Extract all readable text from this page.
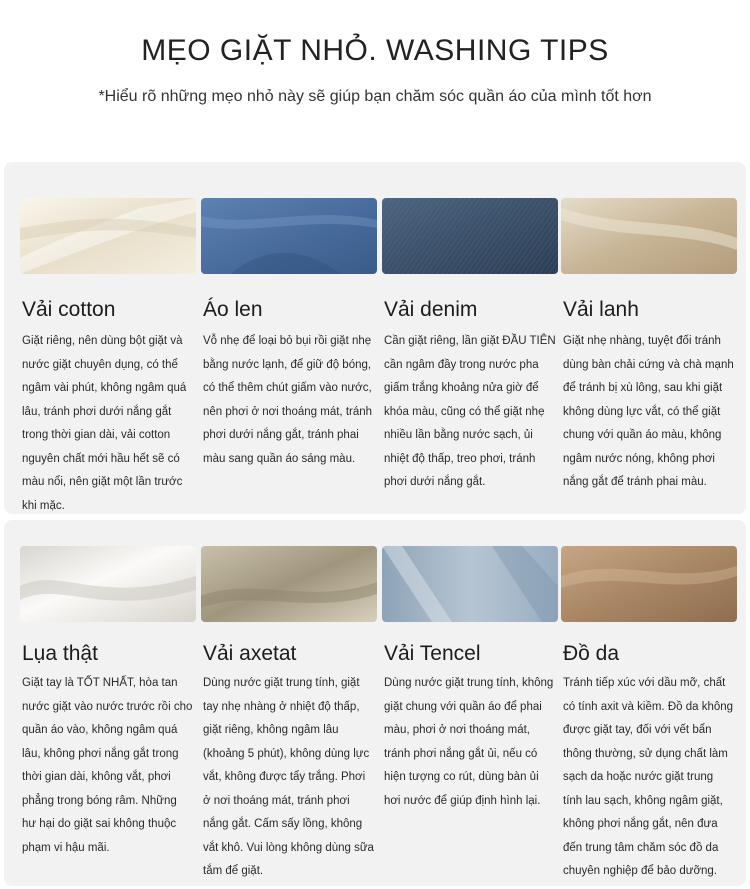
MẸO GIẶT NHỎ. WASHING TIPS
*Hiểu rõ những mẹo nhỏ này sẽ giúp bạn chăm sóc quần áo của mình tốt hơn
Vải cotton
Giặt riêng, nên dùng bột giặt và nước giặt chuyên dụng, có thể ngâm vài phút, không ngâm quá lâu, tránh phơi dưới nắng gắt trong thời gian dài, vải cotton nguyên chất mới hầu hết sẽ có màu nổi, nên giặt một lần trước khi mặc.
Áo len
Vỗ nhẹ để loại bỏ bụi rồi giặt nhẹ bằng nước lạnh, để giữ độ bóng, có thể thêm chút giấm vào nước, nên phơi ở nơi thoáng mát, tránh phơi dưới nắng gắt, tránh phai màu sang quần áo sáng màu.
Vải denim
Cần giặt riêng, lần giặt ĐẦU TIÊN cần ngâm đầy trong nước pha giấm trắng khoảng nửa giờ để khóa màu, cũng có thể giặt nhẹ nhiều lần bằng nước sạch, ủi nhiệt độ thấp, treo phơi, tránh phơi dưới nắng gắt.
Vải lanh
Giặt nhẹ nhàng, tuyệt đối tránh dùng bàn chải cứng và chà mạnh để tránh bị xù lông, sau khi giặt không dùng lực vắt, có thể giặt chung với quần áo màu, không ngâm nước nóng, không phơi nắng gắt để tránh phai màu.
Lụa thật
Giặt tay là TỐT NHẤT, hòa tan nước giặt vào nước trước rồi cho quần áo vào, không ngâm quá lâu, không phơi nắng gắt trong thời gian dài, không vắt, phơi phẳng trong bóng râm. Những hư hại do giặt sai không thuộc phạm vi hậu mãi.
Vải axetat
Dùng nước giặt trung tính, giặt tay nhẹ nhàng ở nhiệt độ thấp, giặt riêng, không ngâm lâu (khoảng 5 phút), không dùng lực vắt, không được tẩy trắng. Phơi ở nơi thoáng mát, tránh phơi nắng gắt. Cấm sấy lồng, không vắt khô. Vui lòng không dùng sữa tắm để giặt.
Vải Tencel
Dùng nước giặt trung tính, không giặt chung với quần áo để phai màu, phơi ở nơi thoáng mát, tránh phơi nắng gắt ủi, nếu có hiện tượng co rút, dùng bàn ủi hơi nước để giúp định hình lại.
Đồ da
Tránh tiếp xúc với dầu mỡ, chất có tính axit và kiềm. Đồ da không được giặt tay, đối với vết bẩn thông thường, sử dụng chất làm sạch da hoặc nước giặt trung tính lau sạch, không ngâm giặt, không phơi nắng gắt, nên đưa đến trung tâm chăm sóc đồ da chuyên nghiệp để bảo dưỡng.
